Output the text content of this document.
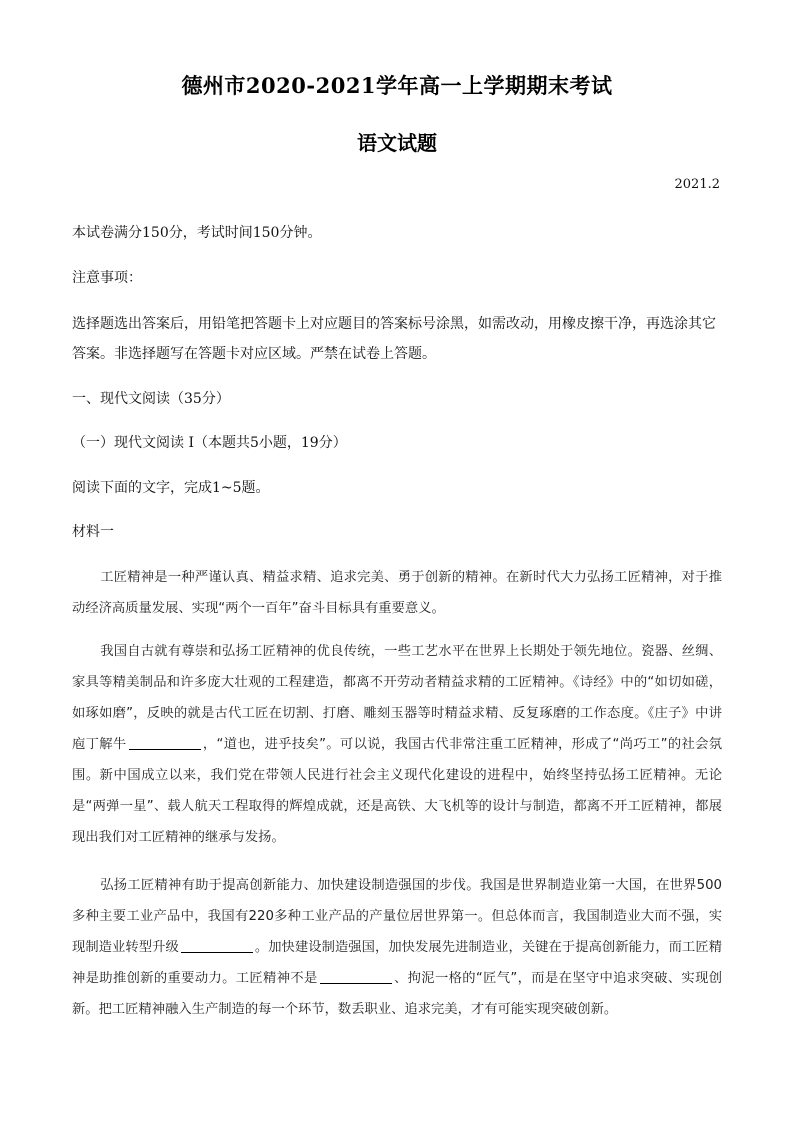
德州市2020-2021学年高一上学期期末考试
语文试题
2021.2
本试卷满分150分，考试时间150分钟。
注意事项：
选择题选出答案后，用铅笔把答题卡上对应题目的答案标号涂黑，如需改动，用橡皮擦干净，再选涂其它
答案。非选择题写在答题卡对应区域。严禁在试卷上答题。
一、现代文阅读（35分）
（一）现代文阅读 I（本题共5小题，19分）
阅读下面的文字，完成1~5题。
材料一
工匠精神是一种严谨认真、精益求精、追求完美、勇于创新的精神。在新时代大力弘扬工匠精神，对于推动经济高质量发展、实现“两个一百年”奋斗目标具有重要意义。
我国自古就有尊崇和弘扬工匠精神的优良传统，一些工艺水平在世界上长期处于领先地位。瓷器、丝绸、家具等精美制品和许多庞大壮观的工程建造，都离不开劳动者精益求精的工匠精神。《诗经》中的“如切如磋，如琢如磨”，反映的就是古代工匠在切割、打磨、雕刻玉器等时精益求精、反复琢磨的工作态度。《庄子》中讲庖丁解牛	，“道也，进乎技矣”。可以说，我国古代非常注重工匠精神，形成了“尚巧工”的社会氛围。新中国成立以来，我们党在带领人民进行社会主义现代化建设的进程中，始终坚持弘扬工匠精神。无论是“两弹一星”、载人航天工程取得的辉煌成就，还是高铁、大飞机等的设计与制造，都离不开工匠精神，都展现出我们对工匠精神的继承与发扬。
弘扬工匠精神有助于提高创新能力、加快建设制造强国的步伐。我国是世界制造业第一大国，在世界500多种主要工业产品中，我国有220多种工业产品的产量位居世界第一。但总体而言，我国制造业大而不强，实现制造业转型升级	。加快建设制造强国，加快发展先进制造业，关键在于提高创新能力，而工匠精神是助推创新的重要动力。工匠精神不是	、拘泥一格的“匠气”，而是在坚守中追求突破、实现创新。把工匠精神融入生产制造的每一个环节，数丢职业、追求完美，才有可能实现突破创新。
